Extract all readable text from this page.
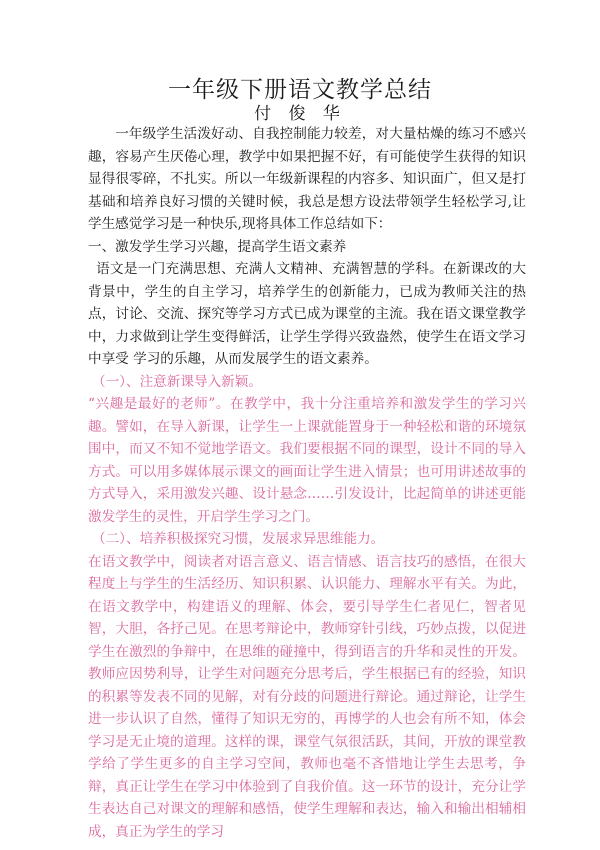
一年级下册语文教学总结
付 俊 华

一年级学生活泼好动、自我控制能力较差，对大量枯燥的练习不感兴趣，容易产生厌倦心理，教学中如果把握不好，有可能使学生获得的知识显得很零碎，不扎实。所以一年级新课程的内容多、知识面广，但又是打基础和培养良好习惯的关键时候，我总是想方设法带领学生轻松学习,让学生感觉学习是一种快乐,现将具体工作总结如下：

一、激发学生学习兴趣，提高学生语文素养

语文是一门充满思想、充满人文精神、充满智慧的学科。在新课改的大背景中，学生的自主学习，培养学生的创新能力，已成为教师关注的热点，讨论、交流、探究等学习方式已成为课堂的主流。我在语文课堂教学中，力求做到让学生变得鲜活，让学生学得兴致盎然，使学生在语文学习中享受 学习的乐趣，从而发展学生的语文素养。

（一）、注意新课导入新颖。

“兴趣是最好的老师”。在教学中，我十分注重培养和激发学生的学习兴趣。譬如，在导入新课，让学生一上课就能置身于一种轻松和谐的环境氛围中，而又不知不觉地学语文。我们要根据不同的课型，设计不同的导入方式。可以用多媒体展示课文的画面让学生进入情景；也可用讲述故事的方式导入，采用激发兴趣、设计悬念……引发设计，比起简单的讲述更能激发学生的灵性，开启学生学习之门。

（二）、培养积极探究习惯，发展求异思维能力。

在语文教学中，阅读者对语言意义、语言情感、语言技巧的感悟，在很大程度上与学生的生活经历、知识积累、认识能力、理解水平有关。为此，在语文教学中，构建语义的理解、体会，要引导学生仁者见仁，智者见智，大胆，各抒己见。在思考辩论中，教师穿针引线，巧妙点拨，以促进学生在激烈的争辩中，在思维的碰撞中，得到语言的升华和灵性的开发。教师应因势利导，让学生对问题充分思考后，学生根据已有的经验，知识的积累等发表不同的见解，对有分歧的问题进行辩论。通过辩论，让学生进一步认识了自然，懂得了知识无穷的，再博学的人也会有所不知，体会学习是无止境的道理。这样的课，课堂气氛很活跃，其间，开放的课堂教学给了学生更多的自主学习空间，教师也毫不吝惜地让学生去思考，争辩，真正让学生在学习中体验到了自我价值。这一环节的设计，充分让学生表达自己对课文的理解和感悟，使学生理解和表达，输入和输出相辅相成，真正为学生的学习
